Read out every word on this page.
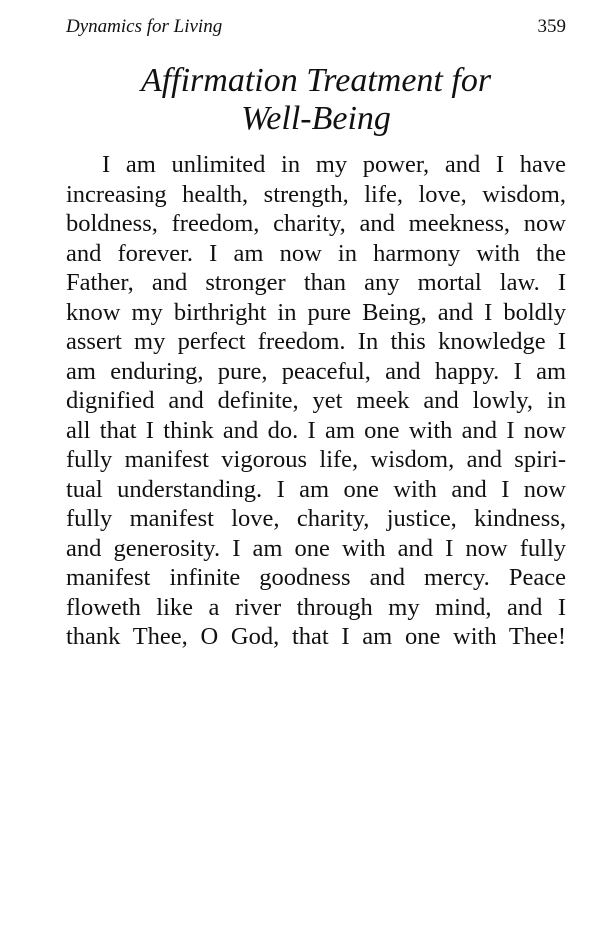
Dynamics for Living	359
Affirmation Treatment for
Well-Being
I am unlimited in my power, and I have
increasing health, strength, life, love, wisdom,
boldness, freedom, charity, and meekness, now
and forever. I am now in harmony with the
Father, and stronger than any mortal law. I
know my birthright in pure Being, and I boldly
assert my perfect freedom. In this knowledge I
am enduring, pure, peaceful, and happy. I am
dignified and definite, yet meek and lowly, in
all that I think and do. I am one with and I now
fully manifest vigorous life, wisdom, and spiri-
tual understanding. I am one with and I now
fully manifest love, charity, justice, kindness,
and generosity. I am one with and I now fully
manifest infinite goodness and mercy. Peace
floweth like a river through my mind, and I
thank Thee, O God, that I am one with Thee!
